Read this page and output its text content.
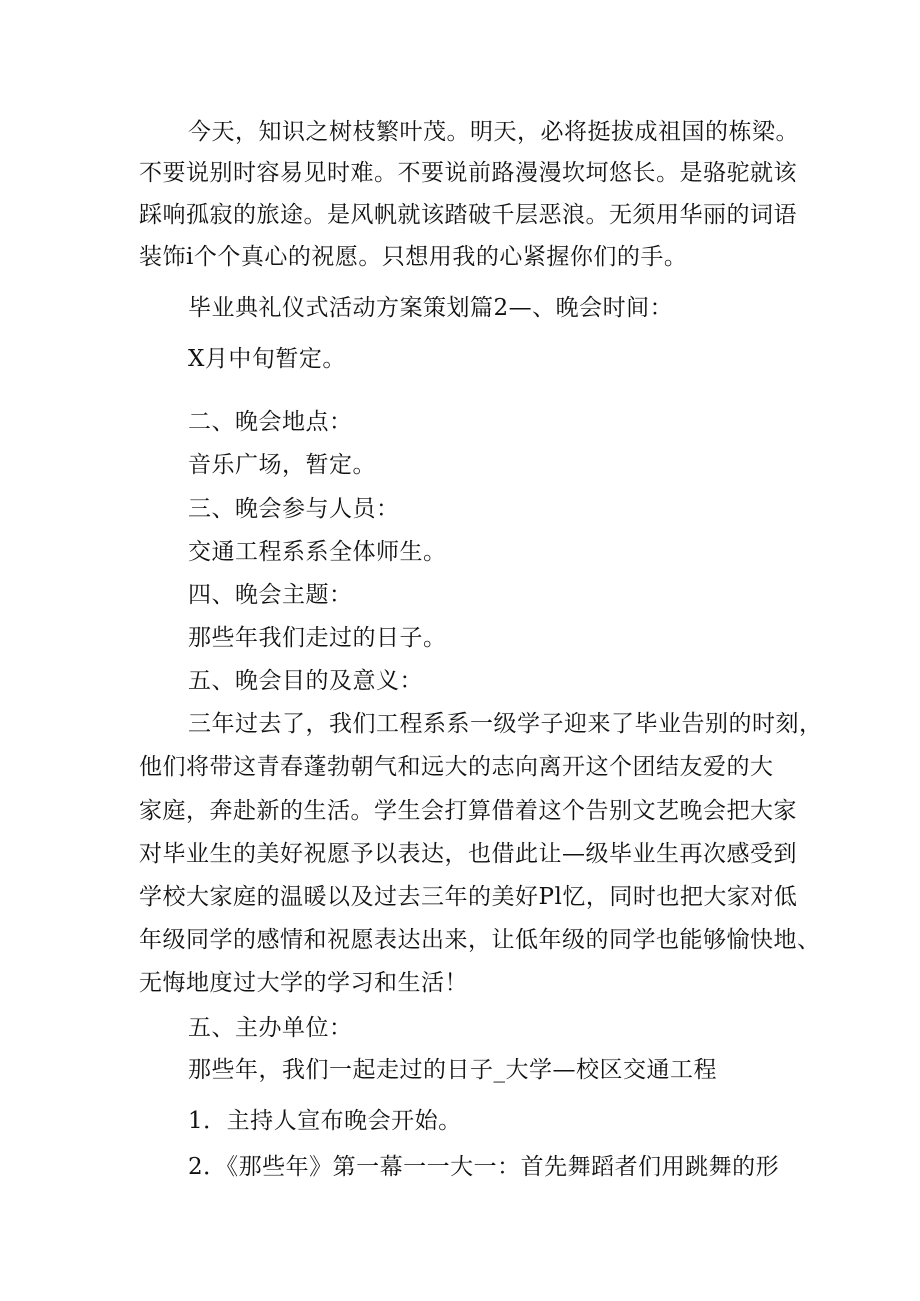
今天，知识之树枝繁叶茂。明天，必将挺拔成祖国的栋梁。
不要说别时容易见时难。不要说前路漫漫坎坷悠长。是骆驼就该
踩响孤寂的旅途。是风帆就该踏破千层恶浪。无须用华丽的词语
装饰i个个真心的祝愿。只想用我的心紧握你们的手。
毕业典礼仪式活动方案策划篇2—、晚会时间：
X月中旬暂定。
二、晚会地点：
音乐广场，暂定。
三、晚会参与人员：
交通工程系系全体师生。
四、晚会主题：
那些年我们走过的日子。
五、晚会目的及意义：
三年过去了，我们工程系系一级学子迎来了毕业告别的时刻，
他们将带这青春蓬勃朝气和远大的志向离开这个团结友爱的大
家庭，奔赴新的生活。学生会打算借着这个告别文艺晚会把大家
对毕业生的美好祝愿予以表达，也借此让—级毕业生再次感受到
学校大家庭的温暖以及过去三年的美好Pl忆，同时也把大家对低
年级同学的感情和祝愿表达出来，让低年级的同学也能够愉快地、
无悔地度过大学的学习和生活！
五、主办单位：
那些年，我们一起走过的日子_大学—校区交通工程
1．主持人宣布晚会开始。
2．《那些年》第一幕一一大一：首先舞蹈者们用跳舞的形
